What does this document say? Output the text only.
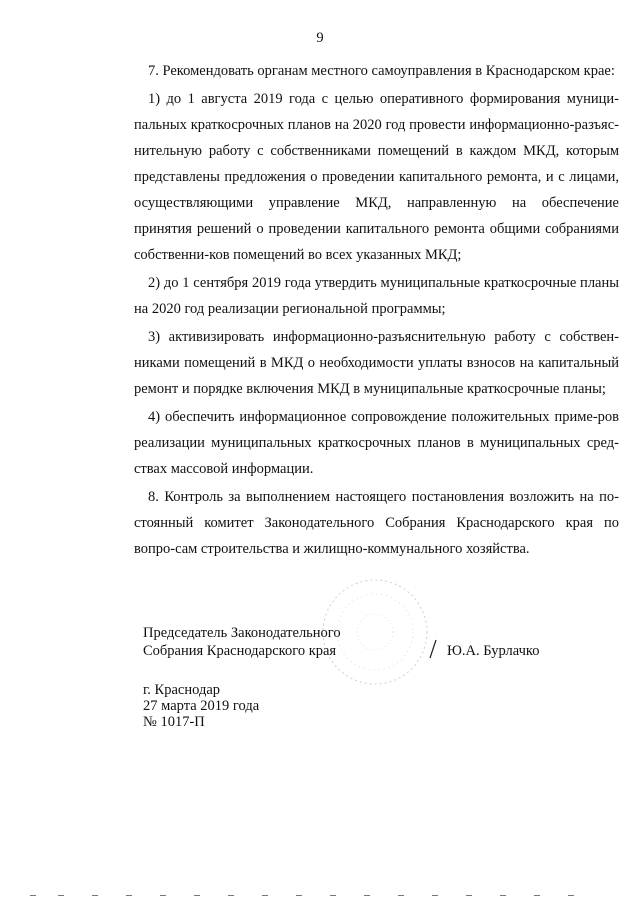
9

7. Рекомендовать органам местного самоуправления в Краснодарском крае:

1) до 1 августа 2019 года с целью оперативного формирования муници-пальных краткосрочных планов на 2020 год провести информационно-разъяс-нительную работу с собственниками помещений в каждом МКД, которым представлены предложения о проведении капитального ремонта, и с лицами, осуществляющими управление МКД, направленную на обеспечение принятия решений о проведении капитального ремонта общими собраниями собственни-ков помещений во всех указанных МКД;

2) до 1 сентября 2019 года утвердить муниципальные краткосрочные планы на 2020 год реализации региональной программы;

3) активизировать информационно-разъяснительную работу с собствен-никами помещений в МКД о необходимости уплаты взносов на капитальный ремонт и порядке включения МКД в муниципальные краткосрочные планы;

4) обеспечить информационное сопровождение положительных приме-ров реализации муниципальных краткосрочных планов в муниципальных сред-ствах массовой информации.

8. Контроль за выполнением настоящего постановления возложить на по-стоянный комитет Законодательного Собрания Краснодарского края по вопро-сам строительства и жилищно-коммунального хозяйства.

Председатель Законодательного
Собрания Краснодарского края	Ю.А. Бурлачко
г. Краснодар
27 марта 2019 года
№ 1017-П
